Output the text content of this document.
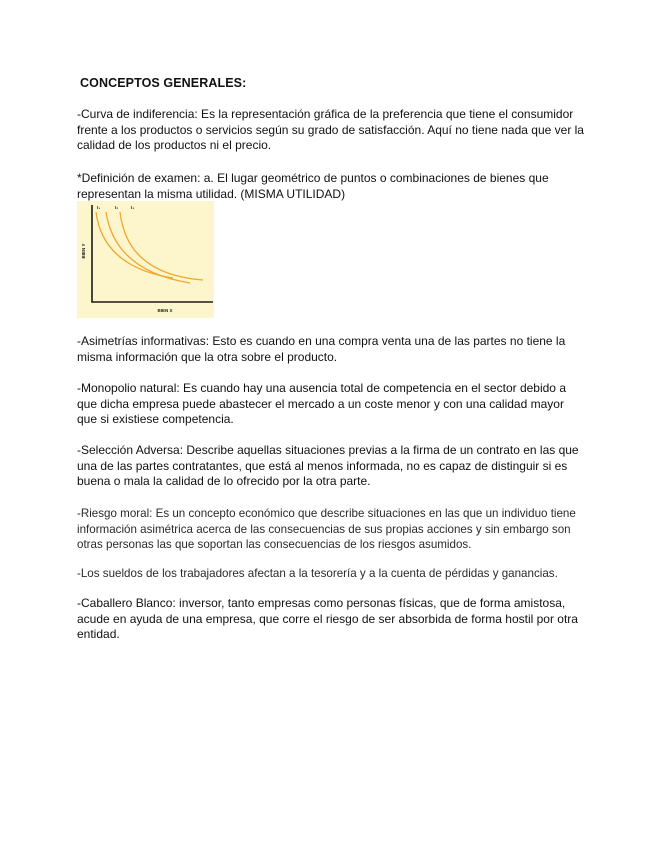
CONCEPTOS GENERALES:

-Curva de indiferencia: Es la representación gráfica de la preferencia que tiene el consumidor frente a los productos o servicios según su grado de satisfacción. Aquí no tiene nada que ver la calidad de los productos ni el precio.

*Definición de examen: a. El lugar geométrico de puntos o combinaciones de bienes que representan la misma utilidad. (MISMA UTILIDAD)

I₁	I₂	I₃
BIEN Y
BIEN X

-Asimetrías informativas: Esto es cuando en una compra venta una de las partes no tiene la misma información que la otra sobre el producto.

-Monopolio natural: Es cuando hay una ausencia total de competencia en el sector debido a que dicha empresa puede abastecer el mercado a un coste menor y con una calidad mayor que si existiese competencia.

-Selección Adversa: Describe aquellas situaciones previas a la firma de un contrato en las que una de las partes contratantes, que está al menos informada, no es capaz de distinguir si es buena o mala la calidad de lo ofrecido por la otra parte.

-Riesgo moral: Es un concepto económico que describe situaciones en las que un individuo tiene información asimétrica acerca de las consecuencias de sus propias acciones y sin embargo son otras personas las que soportan las consecuencias de los riesgos asumidos.

-Los sueldos de los trabajadores afectan a la tesorería y a la cuenta de pérdidas y ganancias.

-Caballero Blanco: inversor, tanto empresas como personas físicas, que de forma amistosa, acude en ayuda de una empresa, que corre el riesgo de ser absorbida de forma hostil por otra entidad.
